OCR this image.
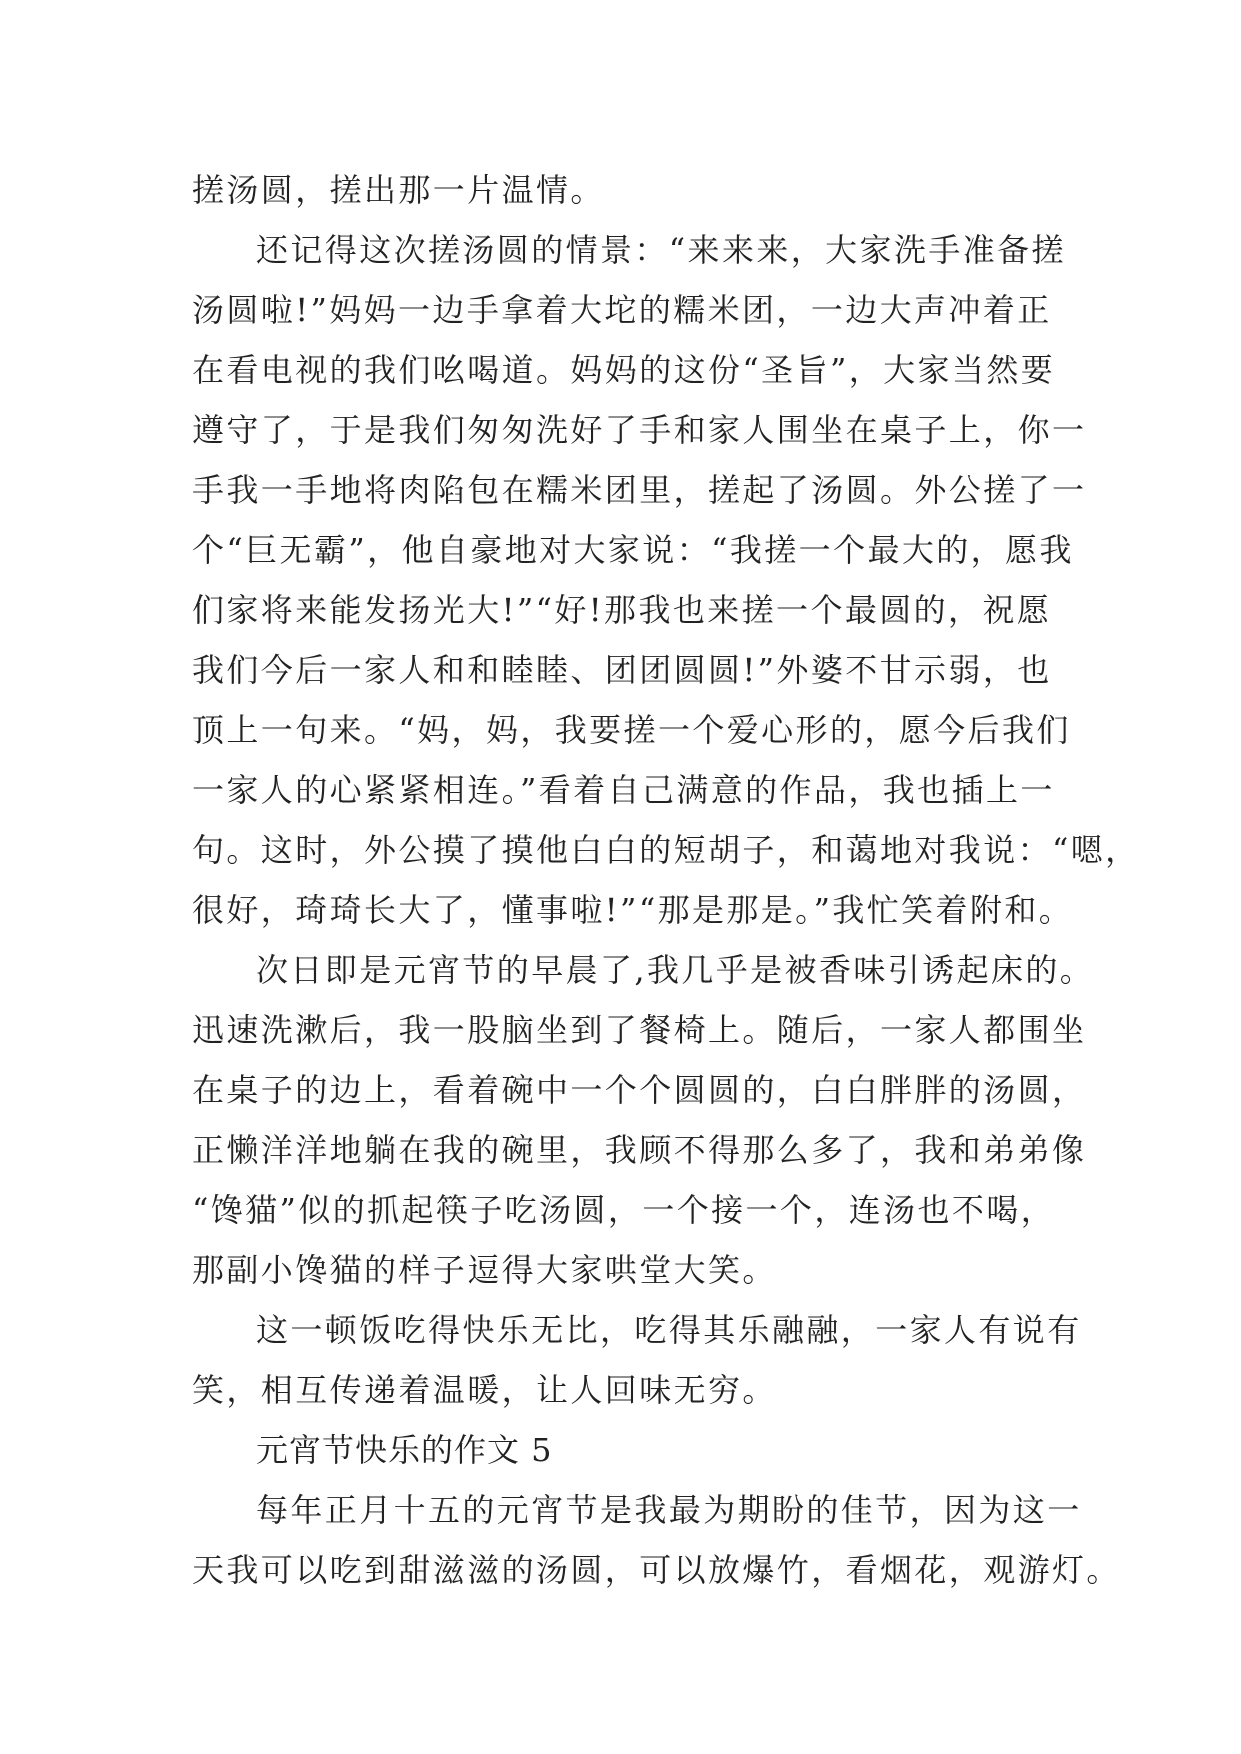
搓汤圆，搓出那一片温情。
还记得这次搓汤圆的情景：“来来来，大家洗手准备搓
汤圆啦!”妈妈一边手拿着大坨的糯米团，一边大声冲着正
在看电视的我们吆喝道。妈妈的这份“圣旨”，大家当然要
遵守了，于是我们匆匆洗好了手和家人围坐在桌子上，你一
手我一手地将肉陷包在糯米团里，搓起了汤圆。外公搓了一
个“巨无霸”，他自豪地对大家说：“我搓一个最大的，愿我
们家将来能发扬光大!”“好!那我也来搓一个最圆的，祝愿
我们今后一家人和和睦睦、团团圆圆!”外婆不甘示弱，也
顶上一句来。“妈，妈，我要搓一个爱心形的，愿今后我们
一家人的心紧紧相连。”看着自己满意的作品，我也插上一
句。这时，外公摸了摸他白白的短胡子，和蔼地对我说：“嗯，
很好，琦琦长大了，懂事啦!”“那是那是。”我忙笑着附和。
次日即是元宵节的早晨了,我几乎是被香味引诱起床的。
迅速洗漱后，我一股脑坐到了餐椅上。随后，一家人都围坐
在桌子的边上，看着碗中一个个圆圆的，白白胖胖的汤圆，
正懒洋洋地躺在我的碗里，我顾不得那么多了，我和弟弟像
“馋猫”似的抓起筷子吃汤圆，一个接一个，连汤也不喝，
那副小馋猫的样子逗得大家哄堂大笑。
这一顿饭吃得快乐无比，吃得其乐融融，一家人有说有
笑，相互传递着温暖，让人回味无穷。
元宵节快乐的作文 5
每年正月十五的元宵节是我最为期盼的佳节，因为这一
天我可以吃到甜滋滋的汤圆，可以放爆竹，看烟花，观游灯。
